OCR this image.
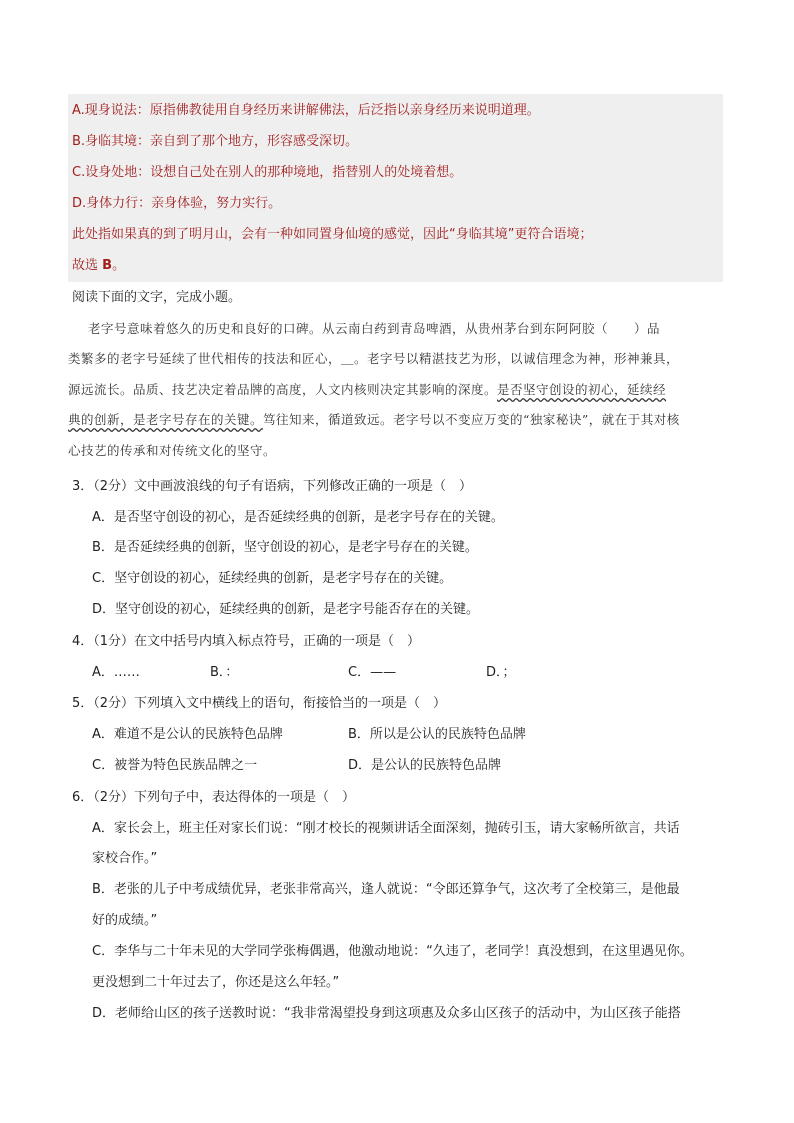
A.现身说法：原指佛教徒用自身经历来讲解佛法，后泛指以亲身经历来说明道理。
B.身临其境：亲自到了那个地方，形容感受深切。
C.设身处地：设想自己处在别人的那种境地，指替别人的处境着想。
D.身体力行：亲身体验，努力实行。
此处指如果真的到了明月山，会有一种如同置身仙境的感觉，因此“身临其境”更符合语境；
故选 B。
阅读下面的文字，完成小题。
老字号意味着悠久的历史和良好的口碑。从云南白药到青岛啤酒，从贵州茅台到东阿阿胶（　　）品
类繁多的老字号延续了世代相传的技法和匠心，＿。老字号以精湛技艺为形，以诚信理念为神，形神兼具，
源远流长。品质、技艺决定着品牌的高度，人文内核则决定其影响的深度。是否坚守创设的初心，延续经
典的创新，是老字号存在的关键。笃往知来，循道致远。老字号以不变应万变的“独家秘诀”，就在于其对核
心技艺的传承和对传统文化的坚守。
3．（2分）文中画波浪线的句子有语病，下列修改正确的一项是（　）
A．是否坚守创设的初心，是否延续经典的创新，是老字号存在的关键。
B．是否延续经典的创新，坚守创设的初心，是老字号存在的关键。
C．坚守创设的初心，延续经典的创新，是老字号存在的关键。
D．坚守创设的初心，延续经典的创新，是老字号能否存在的关键。
4．（1分）在文中括号内填入标点符号，正确的一项是（　）
A．……	B．：	C．——	D．；
5．（2分）下列填入文中横线上的语句，衔接恰当的一项是（　）
A．难道不是公认的民族特色品牌	B．所以是公认的民族特色品牌
C．被誉为特色民族品牌之一	D．是公认的民族特色品牌
6．（2分）下列句子中，表达得体的一项是（　）
A．家长会上，班主任对家长们说：“刚才校长的视频讲话全面深刻，抛砖引玉，请大家畅所欲言，共话
家校合作。”
B．老张的儿子中考成绩优异，老张非常高兴，逢人就说：“令郎还算争气，这次考了全校第三，是他最
好的成绩。”
C．李华与二十年未见的大学同学张梅偶遇，他激动地说：“久违了，老同学！真没想到，在这里遇见你。
更没想到二十年过去了，你还是这么年轻。”
D．老师给山区的孩子送教时说：“我非常渴望投身到这项惠及众多山区孩子的活动中，为山区孩子能搭
